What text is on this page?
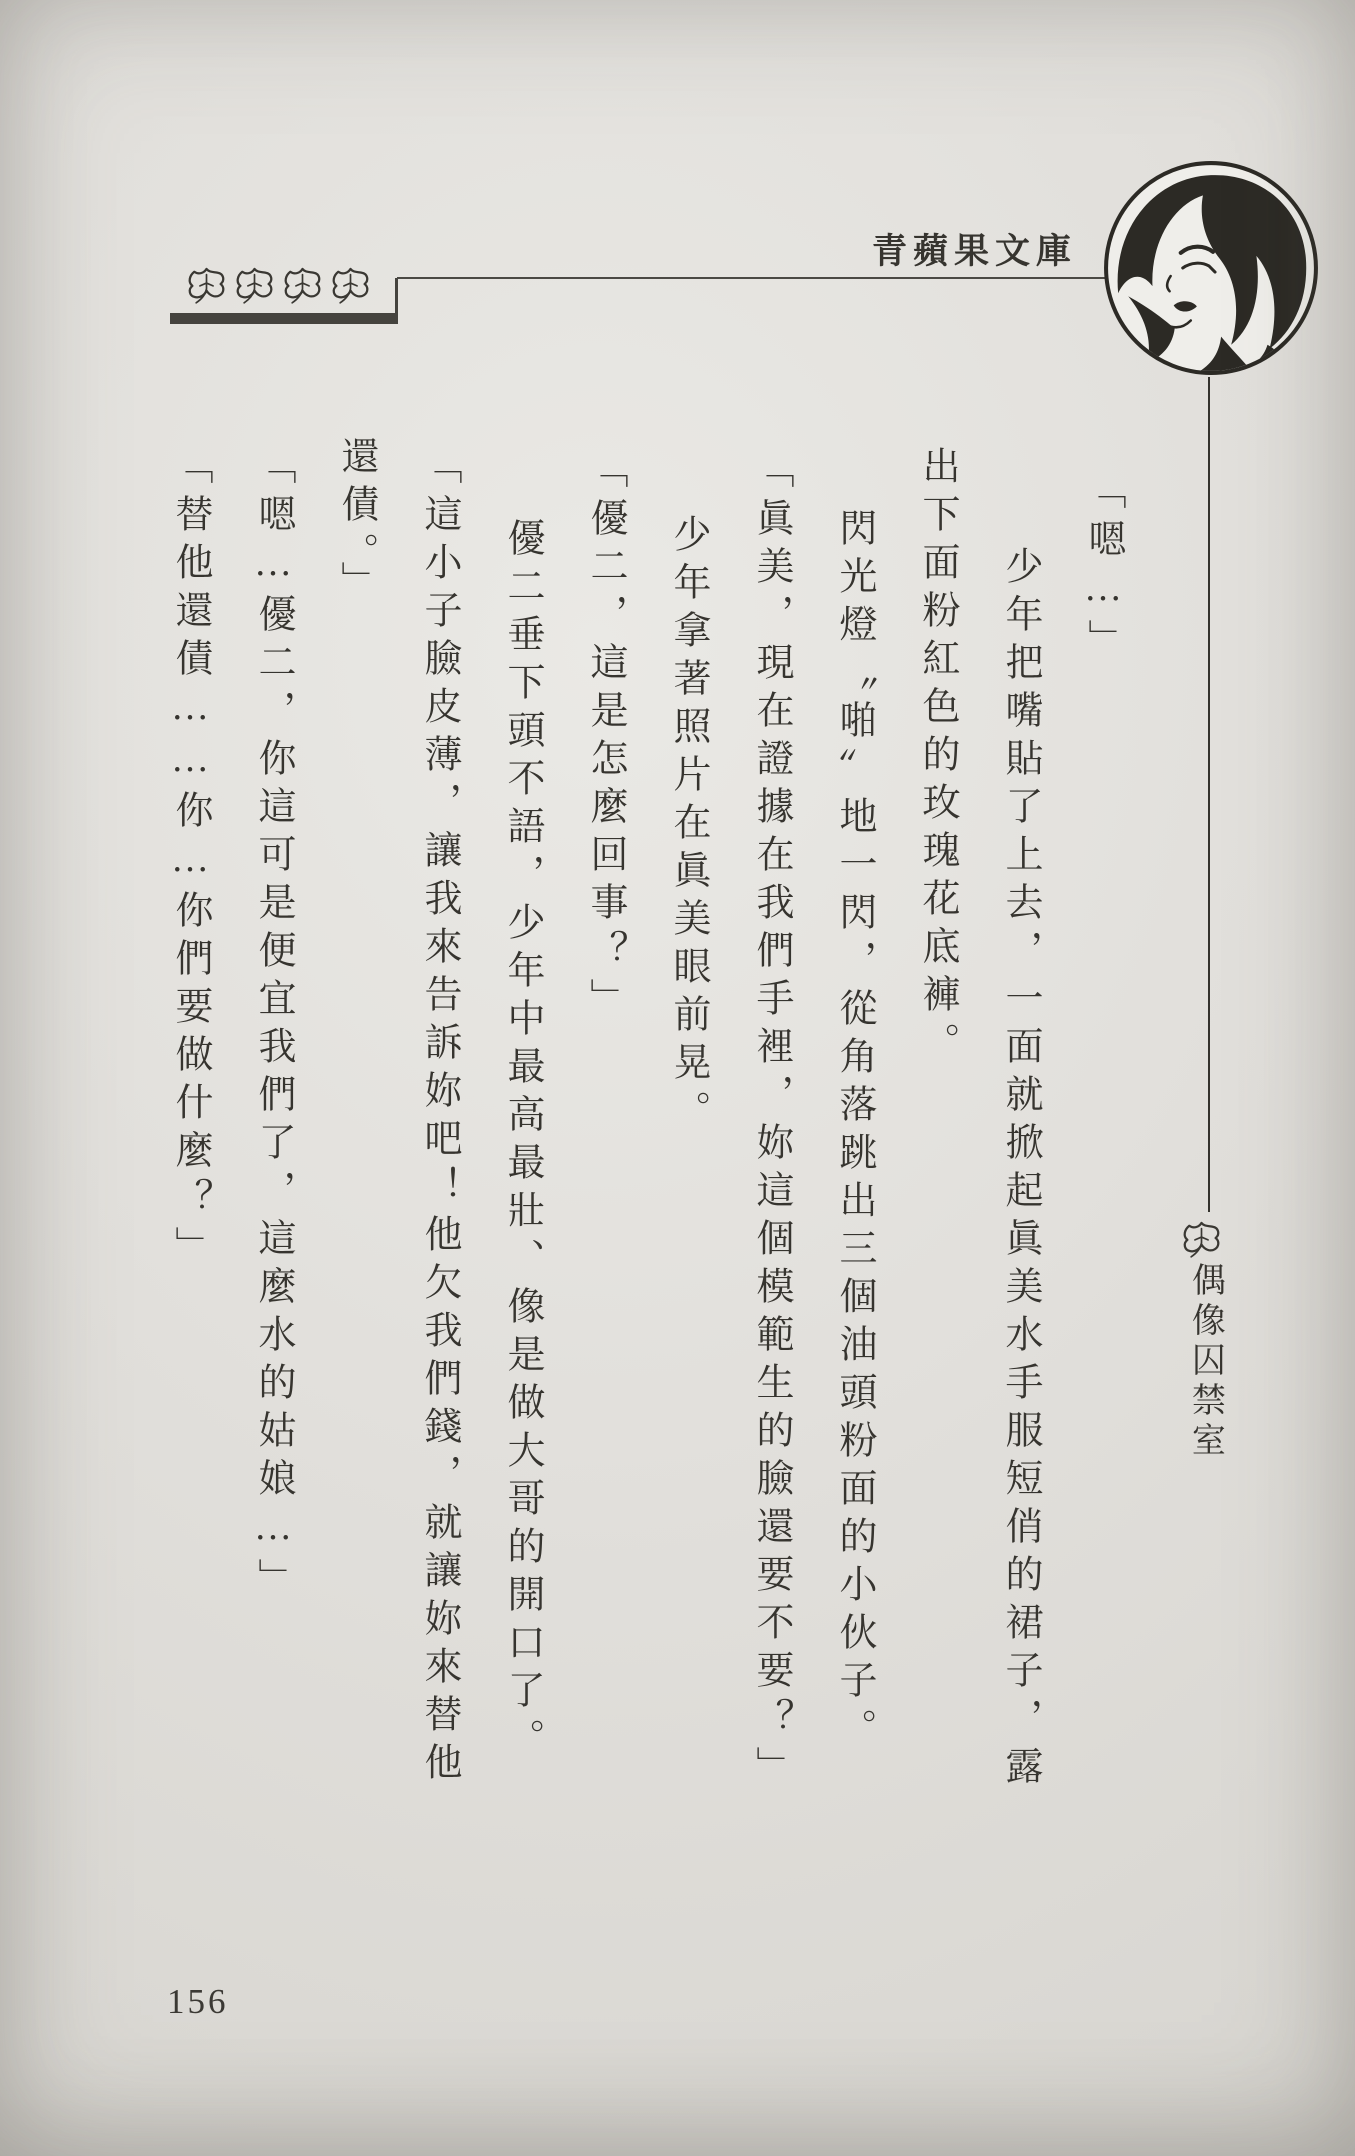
青蘋果文庫
偶像囚禁室

「嗯…」

少年把嘴貼了上去，一面就掀起眞美水手服短俏的裙子，露

出下面粉紅色的玫瑰花底褲。

閃光燈〝啪〞地一閃，從角落跳出三個油頭粉面的小伙子。

「眞美，現在證據在我們手裡，妳這個模範生的臉還要不要？」

少年拿著照片在眞美眼前晃。

「優二，這是怎麼回事？」

優二垂下頭不語，少年中最高最壯、像是做大哥的開口了。

「這小子臉皮薄，讓我來告訴妳吧！他欠我們錢，就讓妳來替他

還債。」

「嗯…優二，你這可是便宜我們了，這麼水的姑娘…」

「替他還債……你…你們要做什麼？」

156
